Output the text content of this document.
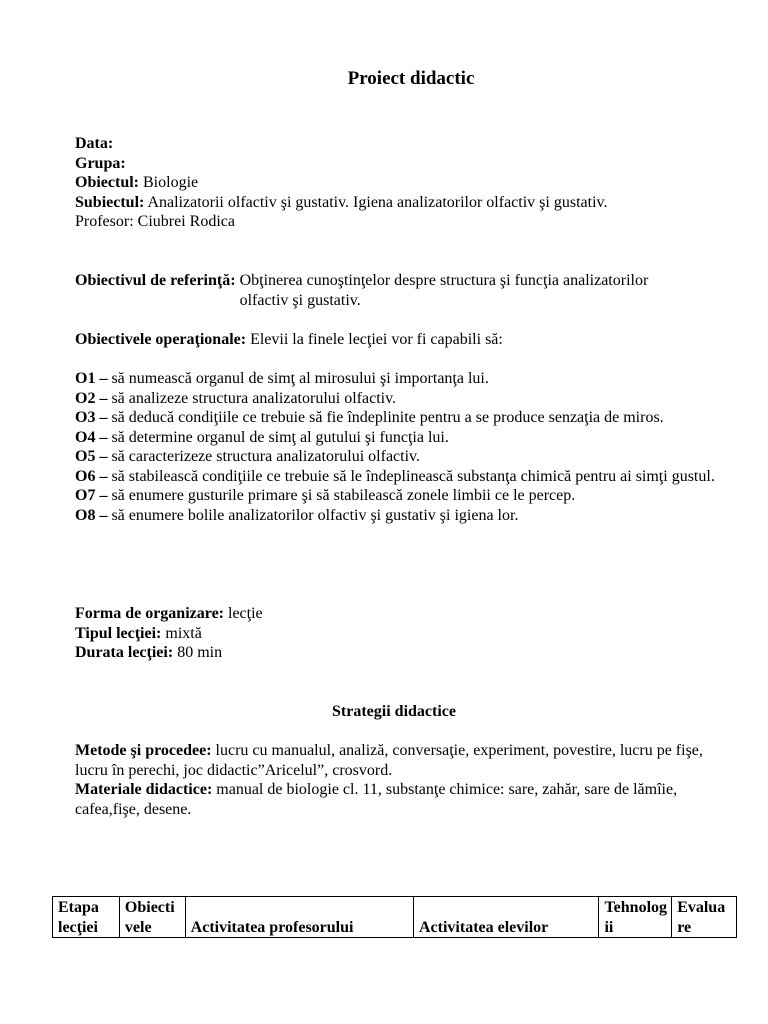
Proiect didactic
Data:
Grupa:
Obiectul: Biologie
Subiectul: Analizatorii olfactiv şi gustativ. Igiena analizatorilor olfactiv şi gustativ.
Profesor: Ciubrei Rodica
Obiectivul de referinţă: Obţinerea cunoştinţelor despre structura şi funcţia analizatorilor olfactiv şi gustativ.
Obiectivele operaţionale: Elevii la finele lecţiei vor fi capabili să:
O1 – să numească organul de simţ al mirosului şi importanţa lui.
O2 – să analizeze structura analizatorului olfactiv.
O3 – să deducă condiţiile ce trebuie să fie îndeplinite pentru a se produce senzaţia de miros.
O4 – să determine organul de simţ al gutului şi funcţia lui.
O5 – să caracterizeze structura analizatorului olfactiv.
O6 – să stabilească condiţiile ce trebuie să le îndeplinească substanţa chimică pentru ai simţi gustul.
O7 – să enumere gusturile primare şi să stabilească zonele limbii ce le percep.
O8 – să enumere bolile analizatorilor olfactiv şi gustativ şi igiena lor.
Forma de organizare: lecţie
Tipul lecţiei: mixtă
Durata lecţiei: 80 min
Strategii didactice
Metode şi procedee: lucru cu manualul, analiză, conversaţie, experiment, povestire, lucru pe fişe, lucru în perechi, joc didactic”Aricelul”, crosvord.
Materiale didactice: manual de biologie cl. 11, substanţe chimice: sare, zahăr, sare de lămîie, cafea,fişe, desene.
Etapa lecţiei	Obiectivele	Activitatea profesorului	Activitatea elevilor	Tehnologii	Evaluare
